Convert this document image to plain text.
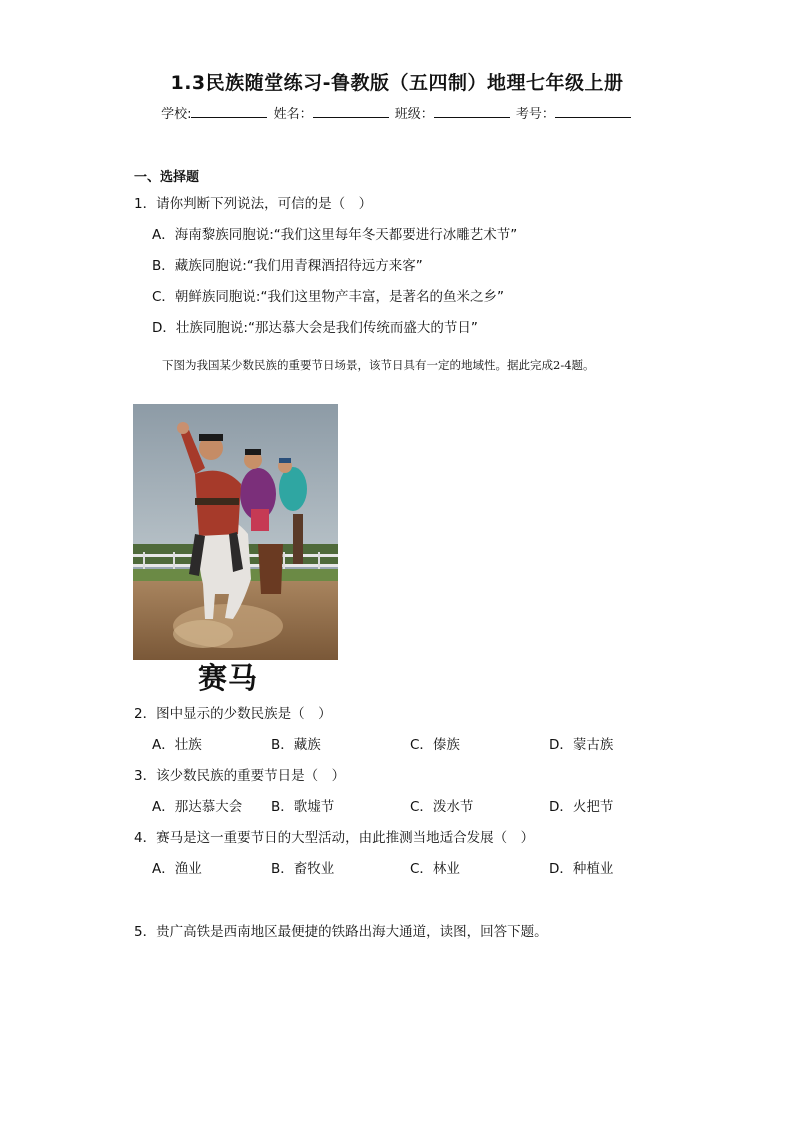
1.3民族随堂练习-鲁教版（五四制）地理七年级上册
学校:	姓名：	班级：	考号：
一、选择题
1．请你判断下列说法，可信的是（　）
A．海南黎族同胞说:“我们这里每年冬天都要进行冰雕艺术节”
B．藏族同胞说:“我们用青稞酒招待远方来客”
C．朝鲜族同胞说:“我们这里物产丰富，是著名的鱼米之乡”
D．壮族同胞说:“那达慕大会是我们传统而盛大的节日”
下图为我国某少数民族的重要节日场景，该节日具有一定的地域性。据此完成2-4题。
赛马
2．图中显示的少数民族是（　）
A．壮族	B．藏族	C．傣族	D．蒙古族
3．该少数民族的重要节日是（　）
A．那达慕大会 B．歌墟节	C．泼水节	D．火把节
4．赛马是这一重要节日的大型活动，由此推测当地适合发展（　）
A．渔业	B．畜牧业	C．林业	D．种植业
5．贵广高铁是西南地区最便捷的铁路出海大通道，读图，回答下题。
